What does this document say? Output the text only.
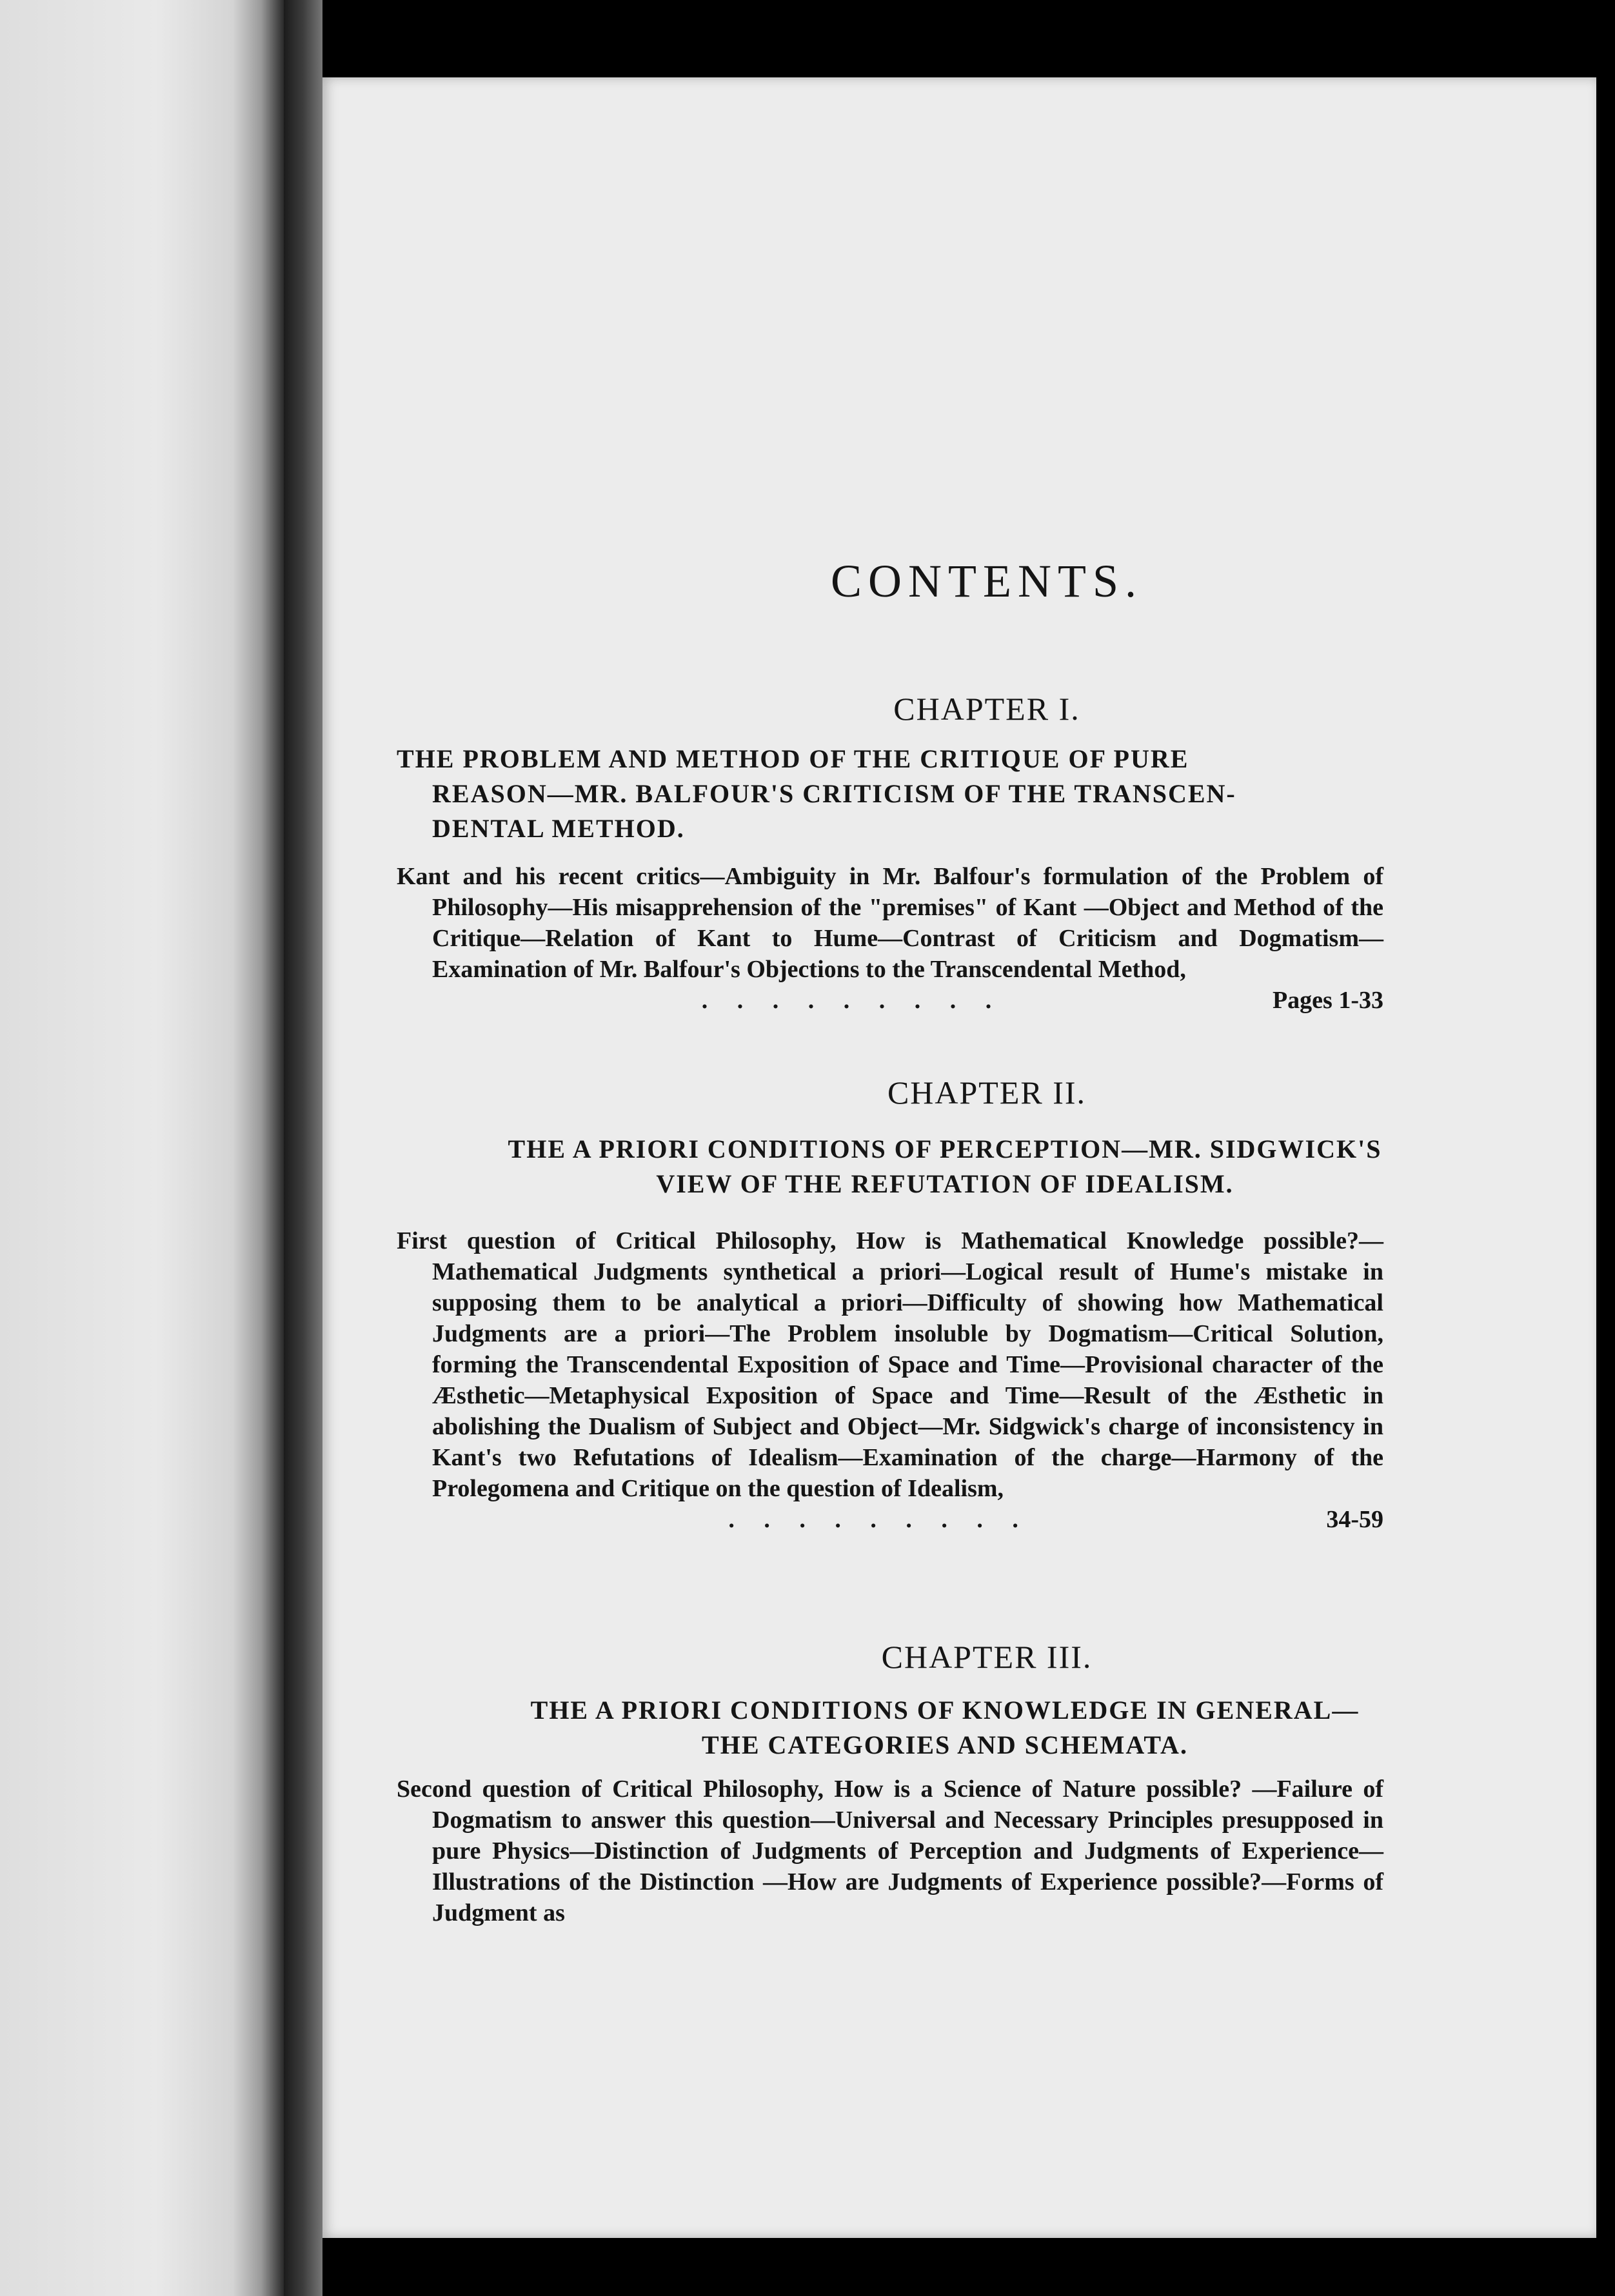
CONTENTS.
CHAPTER I.
THE PROBLEM AND METHOD OF THE CRITIQUE OF PURE
REASON—MR. BALFOUR'S CRITICISM OF THE TRANSCEN-
DENTAL METHOD.
Kant and his recent critics—Ambiguity in Mr. Balfour's formulation of the Problem of Philosophy—His misapprehension of the "premises" of Kant —Object and Method of the Critique—Relation of Kant to Hume—Contrast of Criticism and Dogmatism—Examination of Mr. Balfour's Objections to the Transcendental Method,
. . . . . . . . .	Pages 1-33
CHAPTER II.
THE A PRIORI CONDITIONS OF PERCEPTION—MR. SIDGWICK'S
VIEW OF THE REFUTATION OF IDEALISM.
First question of Critical Philosophy, How is Mathematical Knowledge possible?—Mathematical Judgments synthetical a priori—Logical result of Hume's mistake in supposing them to be analytical a priori—Difficulty of showing how Mathematical Judgments are a priori—The Problem insoluble by Dogmatism—Critical Solution, forming the Transcendental Exposition of Space and Time—Provisional character of the Æsthetic—Metaphysical Exposition of Space and Time—Result of the Æsthetic in abolishing the Dualism of Subject and Object—Mr. Sidgwick's charge of inconsistency in Kant's two Refutations of Idealism—Examination of the charge—Harmony of the Prolegomena and Critique on the question of Idealism,
. . . . . . . . .	34-59
CHAPTER III.
THE A PRIORI CONDITIONS OF KNOWLEDGE IN GENERAL—
THE CATEGORIES AND SCHEMATA.
Second question of Critical Philosophy, How is a Science of Nature possible? —Failure of Dogmatism to answer this question—Universal and Necessary Principles presupposed in pure Physics—Distinction of Judgments of Perception and Judgments of Experience—Illustrations of the Distinction —How are Judgments of Experience possible?—Forms of Judgment as
